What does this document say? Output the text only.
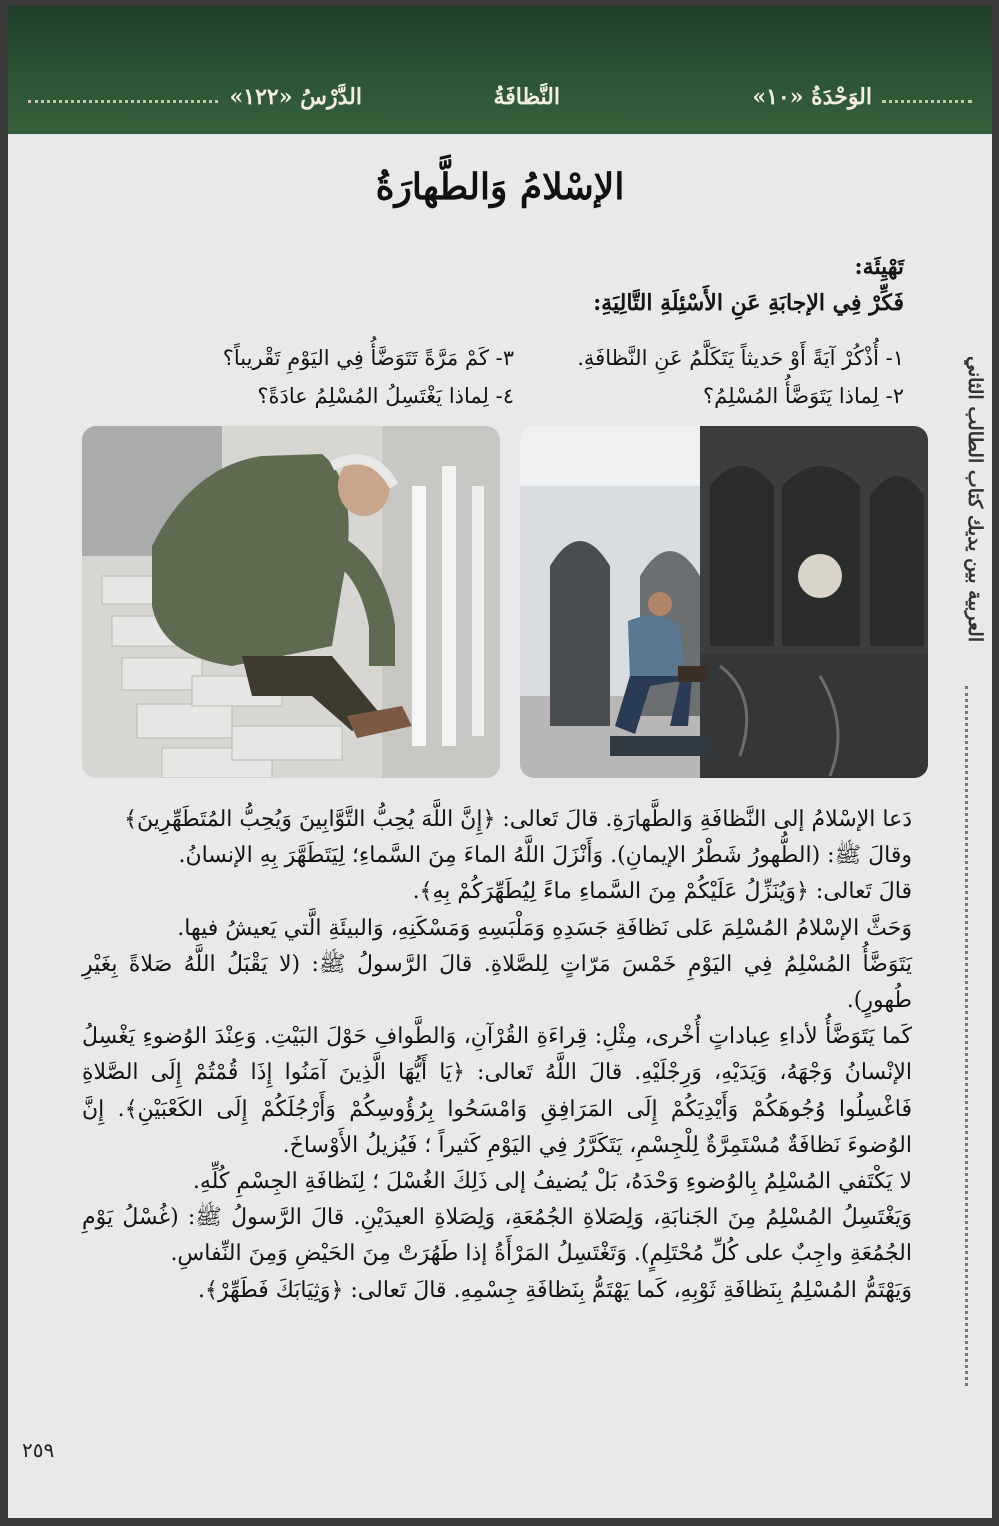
الوَحْدَةُ «١٠»
النَّظافَةُ
الدَّرْسُ «١٢٢»
العربية بين يديك كتاب الطالب الثاني
الإسْلامُ وَالطَّهارَةُ
تَهْيِئَة:
فَكِّرْ فِي الإجابَةِ عَنِ الأَسْئِلَةِ التَّالِيَةِ:
١- أُذْكُرْ آيَةً أَوْ حَديثاً يَتَكَلَّمُ عَنِ النَّظافَةِ.
٢- لِماذا يَتَوَضَّأُ المُسْلِمُ؟
٣- كَمْ مَرَّةً تَتَوَضَّأُ فِي اليَوْمِ تَقْريباً؟
٤- لِماذا يَغْتَسِلُ المُسْلِمُ عادَةً؟

دَعا الإسْلامُ إلى النَّظافَةِ وَالطَّهارَةِ. قالَ تَعالى: ﴿إِنَّ اللَّهَ يُحِبُّ التَّوَّابِينَ وَيُحِبُّ المُتَطَهِّرِينَ﴾

وقالَ ﷺ: (الطُّهورُ شَطْرُ الإيمانِ). وَأَنْزَلَ اللَّهُ الماءَ مِنَ السَّماءِ؛ لِيَتَطَهَّرَ بِهِ الإنسانُ.

قالَ تَعالى: ﴿وَيُنَزِّلُ عَلَيْكُمْ مِنَ السَّماءِ ماءً لِيُطَهِّرَكُمْ بِهِ﴾.

وَحَثَّ الإسْلامُ المُسْلِمَ عَلى نَظافَةِ جَسَدِهِ وَمَلْبَسِهِ وَمَسْكَنِهِ، وَالبيئَةِ الَّتي يَعيشُ فيها.

يَتَوَضَّأُ المُسْلِمُ فِي اليَوْمِ خَمْسَ مَرّاتٍ لِلصَّلاةِ. قالَ الرَّسولُ ﷺ: (لا يَقْبَلُ اللَّهُ صَلاةً بِغَيْرِ طُهورٍ).

كَما يَتَوَضَّأُ لأداءِ عِباداتٍ أُخْرى، مِثْلِ: قِراءَةِ القُرْآنِ، وَالطَّوافِ حَوْلَ البَيْتِ. وَعِنْدَ الوُضوءِ يَغْسِلُ الإنْسانُ وَجْهَهُ، وَيَدَيْهِ، وَرِجْلَيْهِ. قالَ اللَّهُ تَعالى: ﴿يَا أَيُّهَا الَّذِينَ آمَنُوا إِذَا قُمْتُمْ إِلَى الصَّلاةِ فَاغْسِلُوا وُجُوهَكُمْ وَأَيْدِيَكُمْ إِلَى المَرَافِقِ وَامْسَحُوا بِرُؤُوسِكُمْ وَأَرْجُلَكُمْ إِلَى الكَعْبَيْنِ﴾. إِنَّ الوُضوءَ نَظافَةٌ مُسْتَمِرَّةٌ لِلْجِسْمِ، يَتَكَرَّرُ فِي اليَوْمِ كَثيراً ؛ فَيُزيلُ الأَوْساخَ.

لا يَكْتَفي المُسْلِمُ بِالوُضوءِ وَحْدَهُ، بَلْ يُضيفُ إلى ذَلِكَ الغُسْلَ ؛ لِنَظافَةِ الجِسْمِ كُلِّهِ.

وَيَغْتَسِلُ المُسْلِمُ مِنَ الجَنابَةِ، وَلِصَلاةِ الجُمُعَةِ، وَلِصَلاةِ العيدَيْنِ. قالَ الرَّسولُ ﷺ: (غُسْلُ يَوْمِ الجُمُعَةِ واجِبٌ على كُلِّ مُحْتَلِمٍ). وَتَغْتَسِلُ المَرْأَةُ إذا طَهُرَتْ مِنَ الحَيْضِ وَمِنَ النِّفاسِ.

وَيَهْتَمُّ المُسْلِمُ بِنَظافَةِ ثَوْبِهِ، كَما يَهْتَمُّ بِنَظافَةِ جِسْمِهِ. قالَ تَعالى: ﴿وَثِيَابَكَ فَطَهِّرْ﴾.

٢٥٩
